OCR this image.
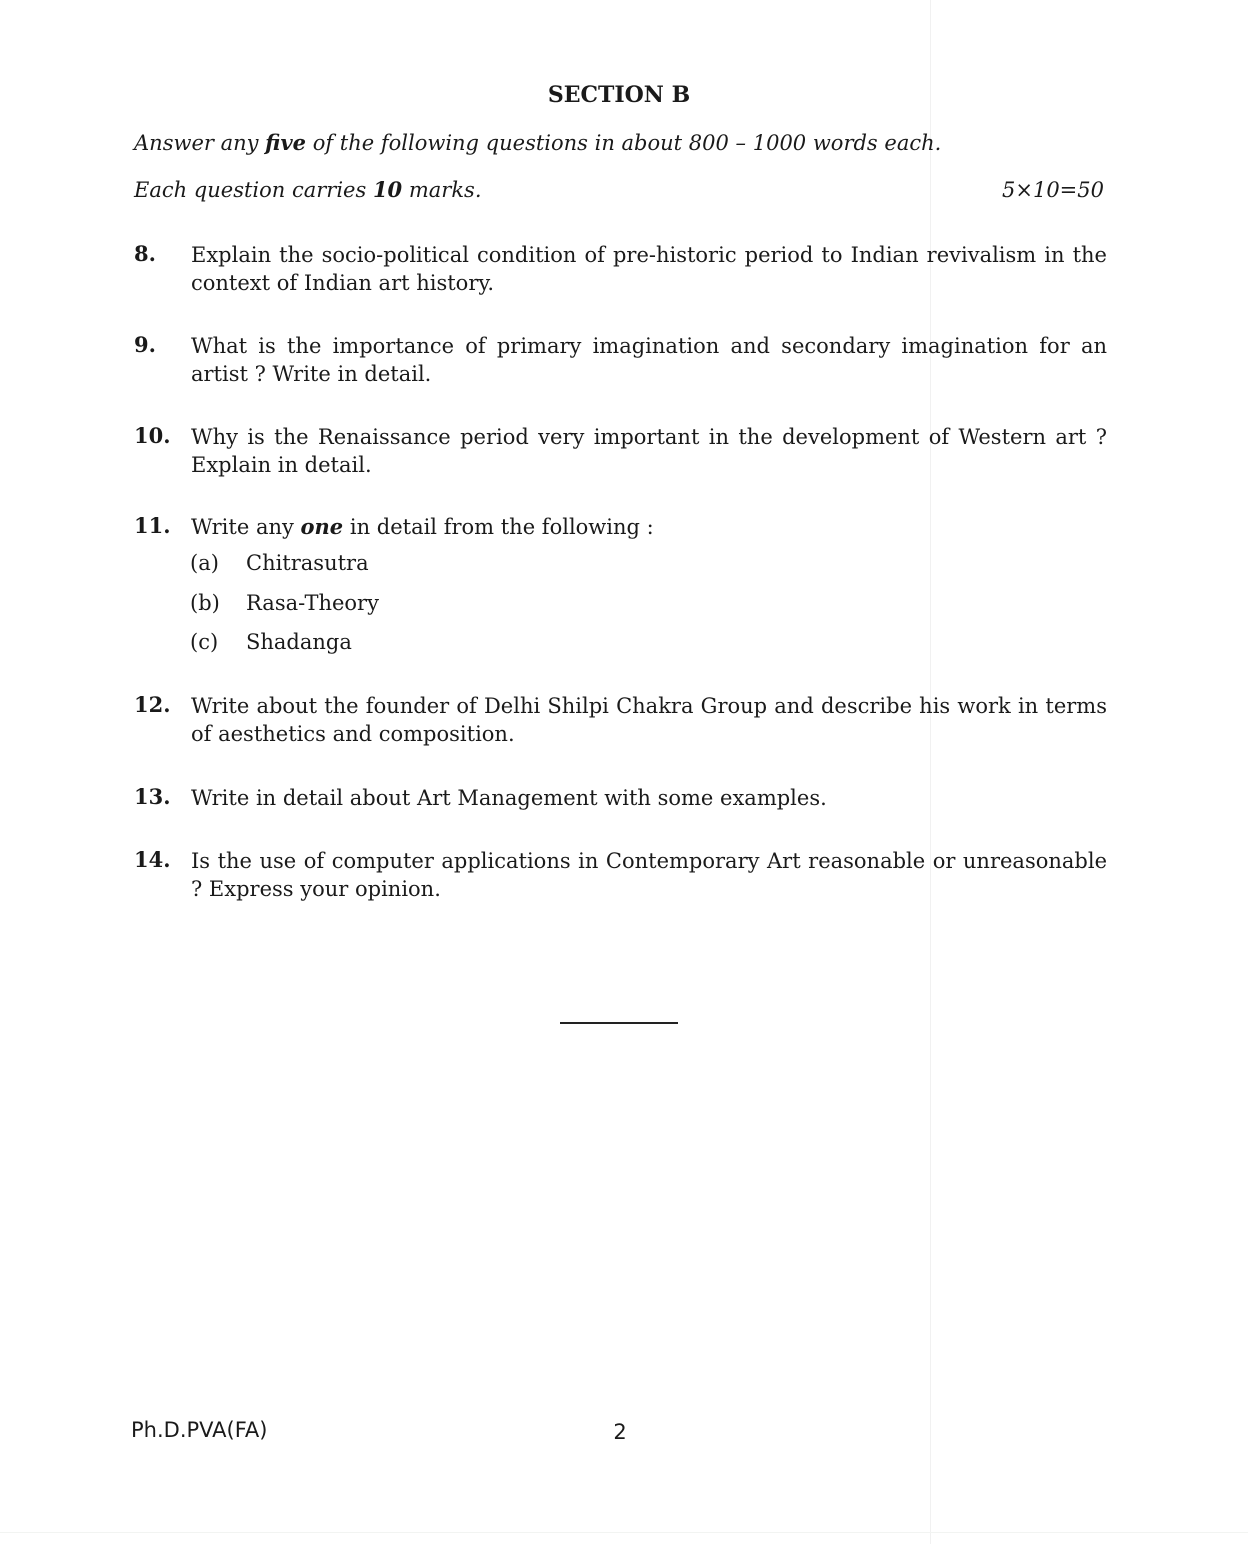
SECTION B
Answer any five of the following questions in about 800 – 1000 words each.
Each question carries 10 marks.	5×10=50
8. Explain the socio-political condition of pre-historic period to Indian revivalism in the context of Indian art history.
9. What is the importance of primary imagination and secondary imagination for an artist ? Write in detail.
10. Why is the Renaissance period very important in the development of Western art ? Explain in detail.
11. Write any one in detail from the following :
(a)	Chitrasutra
(b)	Rasa-Theory
(c)	Shadanga
12. Write about the founder of Delhi Shilpi Chakra Group and describe his work in terms of aesthetics and composition.
13. Write in detail about Art Management with some examples.
14. Is the use of computer applications in Contemporary Art reasonable or unreasonable ? Express your opinion.
Ph.D.PVA(FA)	2
